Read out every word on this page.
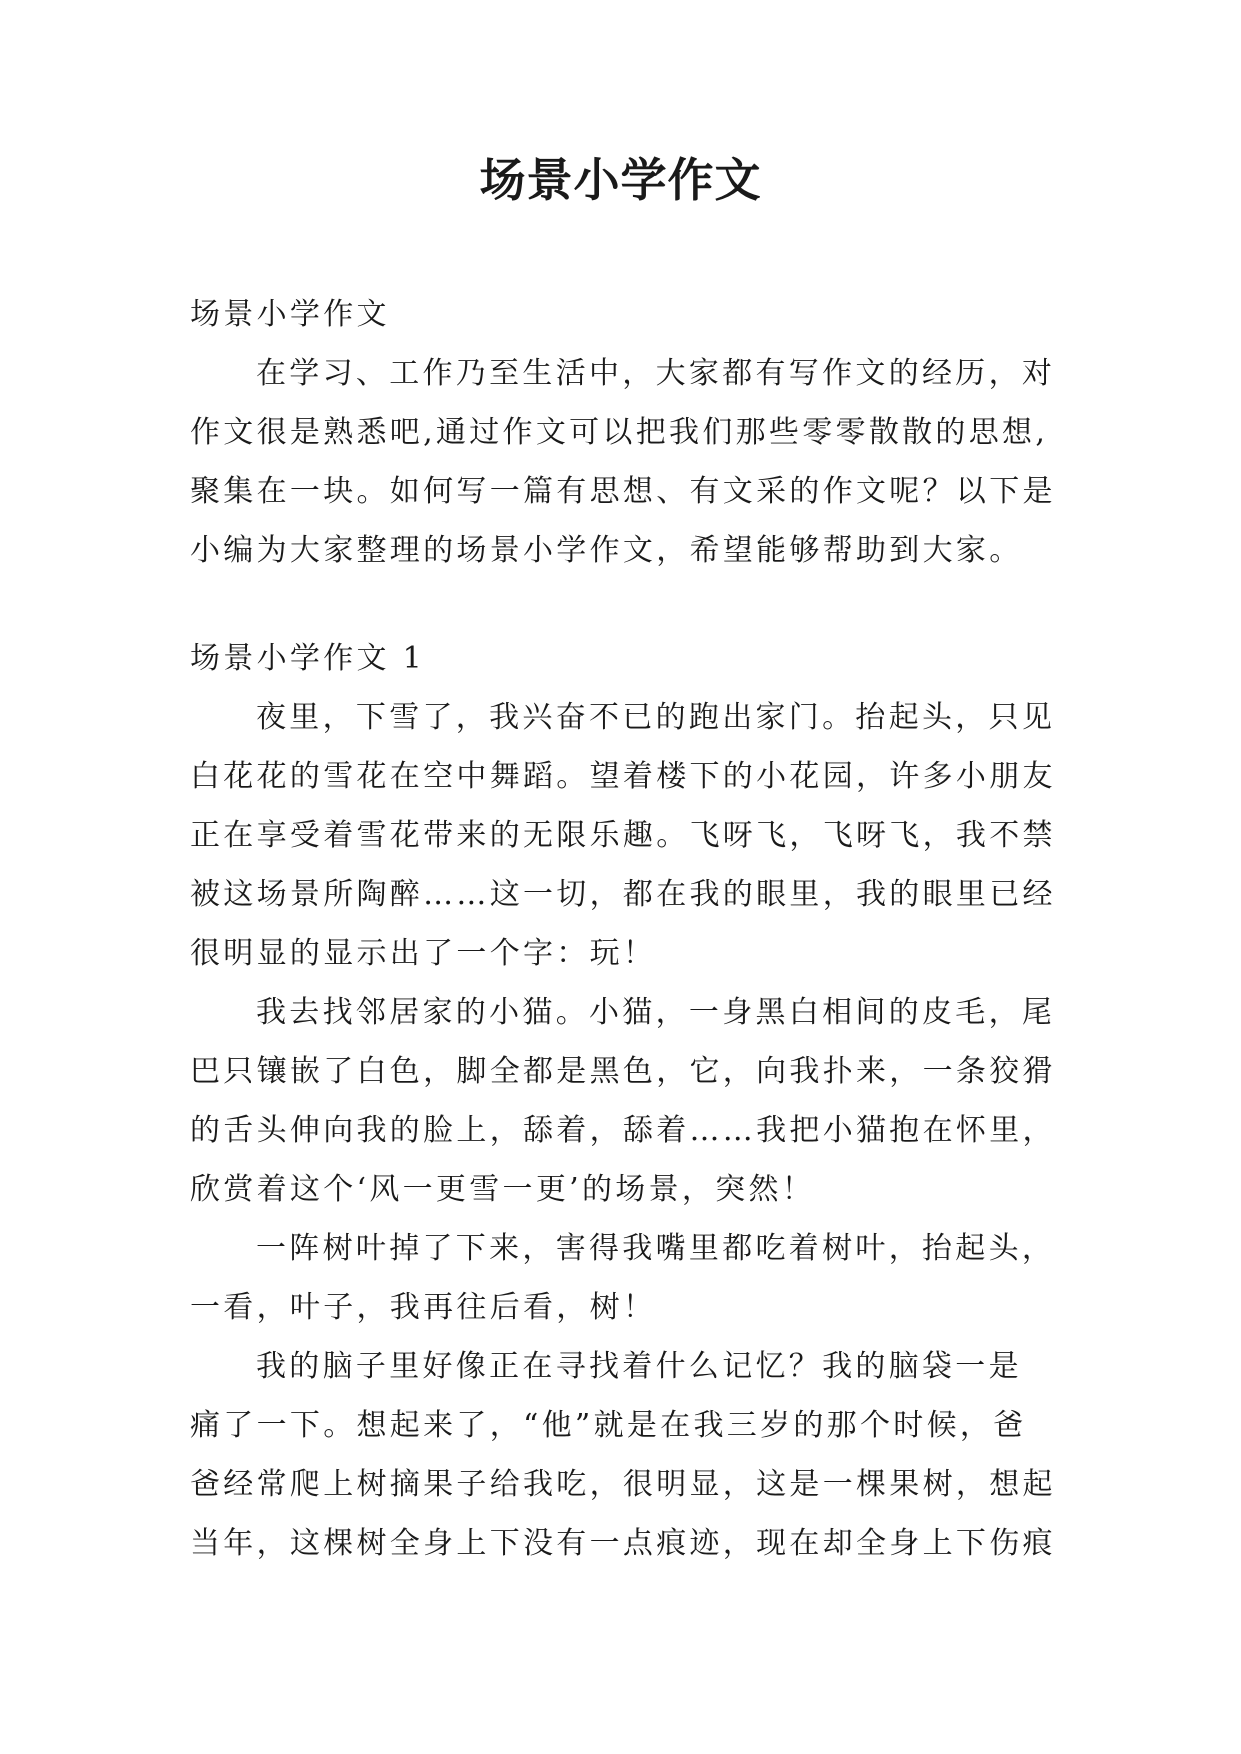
场景小学作文
场景小学作文
在学习、工作乃至生活中，大家都有写作文的经历，对
作文很是熟悉吧,通过作文可以把我们那些零零散散的思想,
聚集在一块。如何写一篇有思想、有文采的作文呢？以下是
小编为大家整理的场景小学作文，希望能够帮助到大家。
场景小学作文 1
夜里，下雪了，我兴奋不已的跑出家门。抬起头，只见
白花花的雪花在空中舞蹈。望着楼下的小花园，许多小朋友
正在享受着雪花带来的无限乐趣。飞呀飞，飞呀飞，我不禁
被这场景所陶醉……这一切，都在我的眼里，我的眼里已经
很明显的显示出了一个字：玩！
我去找邻居家的小猫。小猫，一身黑白相间的皮毛，尾
巴只镶嵌了白色，脚全都是黑色，它，向我扑来，一条狡猾
的舌头伸向我的脸上，舔着，舔着……我把小猫抱在怀里，
欣赏着这个‘风一更雪一更’的场景，突然！
一阵树叶掉了下来，害得我嘴里都吃着树叶，抬起头，
一看，叶子，我再往后看，树！
我的脑子里好像正在寻找着什么记忆？我的脑袋一是
痛了一下。想起来了，“他”就是在我三岁的那个时候，爸
爸经常爬上树摘果子给我吃，很明显，这是一棵果树，想起
当年，这棵树全身上下没有一点痕迹，现在却全身上下伤痕
